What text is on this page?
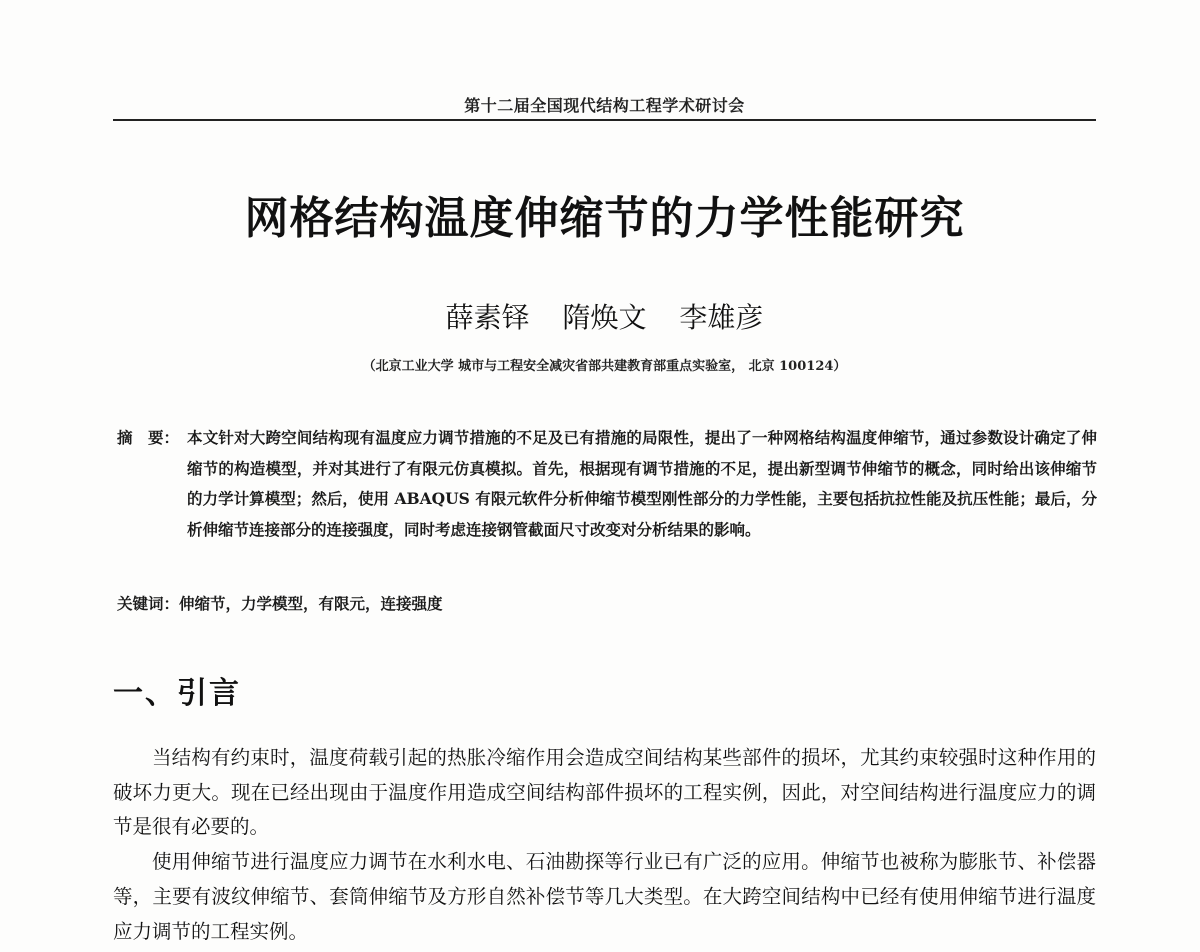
第十二届全国现代结构工程学术研讨会
网格结构温度伸缩节的力学性能研究
薛素铎 隋焕文 李雄彦
（北京工业大学 城市与工程安全减灾省部共建教育部重点实验室， 北京 100124）
摘　要： 本文针对大跨空间结构现有温度应力调节措施的不足及已有措施的局限性，提出了一种网格结构温度伸缩节，通过参数设计确定了伸缩节的构造模型，并对其进行了有限元仿真模拟。首先，根据现有调节措施的不足，提出新型调节伸缩节的概念，同时给出该伸缩节的力学计算模型；然后，使用 ABAQUS 有限元软件分析伸缩节模型刚性部分的力学性能，主要包括抗拉性能及抗压性能；最后，分析伸缩节连接部分的连接强度，同时考虑连接钢管截面尺寸改变对分析结果的影响。
关键词：伸缩节，力学模型，有限元，连接强度
一、引言

当结构有约束时，温度荷载引起的热胀冷缩作用会造成空间结构某些部件的损坏，尤其约束较强时这种作用的破坏力更大。现在已经出现由于温度作用造成空间结构部件损坏的工程实例，因此，对空间结构进行温度应力的调节是很有必要的。

使用伸缩节进行温度应力调节在水利水电、石油勘探等行业已有广泛的应用。伸缩节也被称为膨胀节、补偿器等，主要有波纹伸缩节、套筒伸缩节及方形自然补偿节等几大类型。在大跨空间结构中已经有使用伸缩节进行温度应力调节的工程实例。
